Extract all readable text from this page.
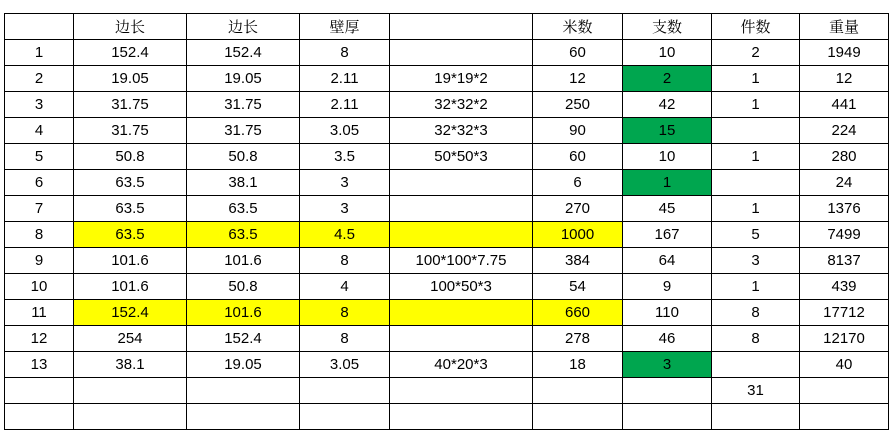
	边长	边长	壁厚		米数	支数	件数	重量
1	152.4	152.4	8		60	10	2	1949
2	19.05	19.05	2.11	19*19*2	12	2	1	12
3	31.75	31.75	2.11	32*32*2	250	42	1	441
4	31.75	31.75	3.05	32*32*3	90	15		224
5	50.8	50.8	3.5	50*50*3	60	10	1	280
6	63.5	38.1	3		6	1		24
7	63.5	63.5	3		270	45	1	1376
8	63.5	63.5	4.5		1000	167	5	7499
9	101.6	101.6	8	100*100*7.75	384	64	3	8137
10	101.6	50.8	4	100*50*3	54	9	1	439
11	152.4	101.6	8		660	110	8	17712
12	254	152.4	8		278	46	8	12170
13	38.1	19.05	3.05	40*20*3	18	3		40
							31	
